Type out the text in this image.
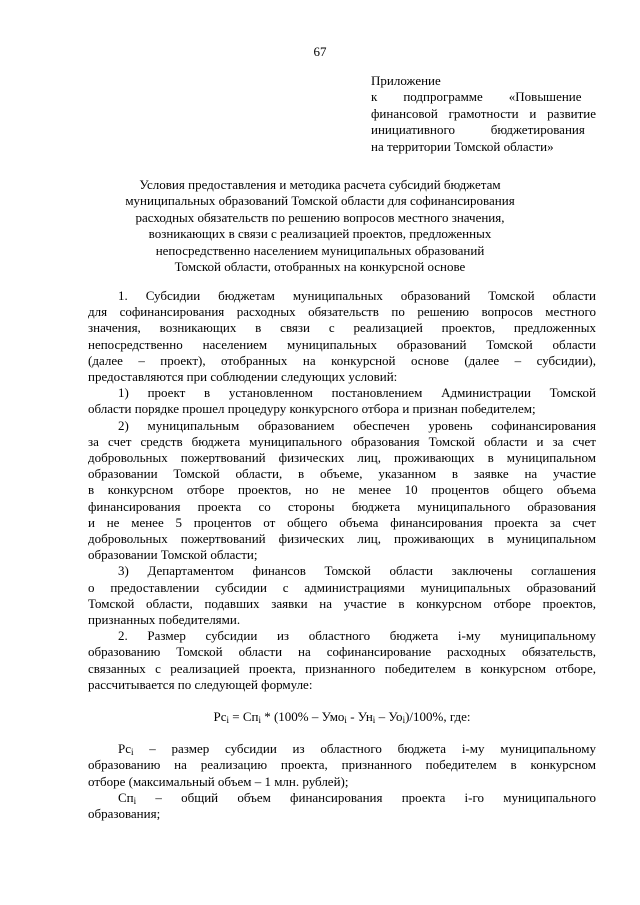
67
Приложение
к        подпрограмме        «Повышение
финансовой грамотности и развитие
инициативного           бюджетирования
на территории Томской области»
Условия предоставления и методика расчета субсидий бюджетам
муниципальных образований Томской области для софинансирования
расходных обязательств по решению вопросов местного значения,
возникающих в связи с реализацией проектов, предложенных
непосредственно населением муниципальных образований
Томской области, отобранных на конкурсной основе
1. Субсидии бюджетам муниципальных образований Томской области
для софинансирования расходных обязательств по решению вопросов местного
значения, возникающих в связи с реализацией проектов, предложенных
непосредственно населением муниципальных образований Томской области
(далее – проект), отобранных на конкурсной основе (далее – субсидии),
предоставляются при соблюдении следующих условий:
1) проект в установленном постановлением Администрации Томской
области порядке прошел процедуру конкурсного отбора и признан победителем;
2) муниципальным образованием обеспечен уровень софинансирования
за счет средств бюджета муниципального образования Томской области и за счет
добровольных пожертвований физических лиц, проживающих в муниципальном
образовании Томской области, в объеме, указанном в заявке на участие
в конкурсном отборе проектов, но не менее 10 процентов общего объема
финансирования проекта со стороны бюджета муниципального образования
и не менее 5 процентов от общего объема финансирования проекта за счет
добровольных пожертвований физических лиц, проживающих в муниципальном
образовании Томской области;
3) Департаментом финансов Томской области заключены соглашения
о предоставлении субсидии с администрациями муниципальных образований
Томской области, подавших заявки на участие в конкурсном отборе проектов,
признанных победителями.
2. Размер субсидии из областного бюджета i-му муниципальному
образованию Томской области на софинансирование расходных обязательств,
связанных с реализацией проекта, признанного победителем в конкурсном отборе,
рассчитывается по следующей формуле:
$Рс_i = Сп_i * (100\% - Умо_i - Ун_i - Уо_i)/100\%$, где:
$Рс_i$ – размер субсидии из областного бюджета i-му муниципальному
образованию на реализацию проекта, признанного победителем в конкурсном
отборе (максимальный объем – 1 млн. рублей);
$Сп_i$ – общий объем финансирования проекта i-го муниципального
образования;
